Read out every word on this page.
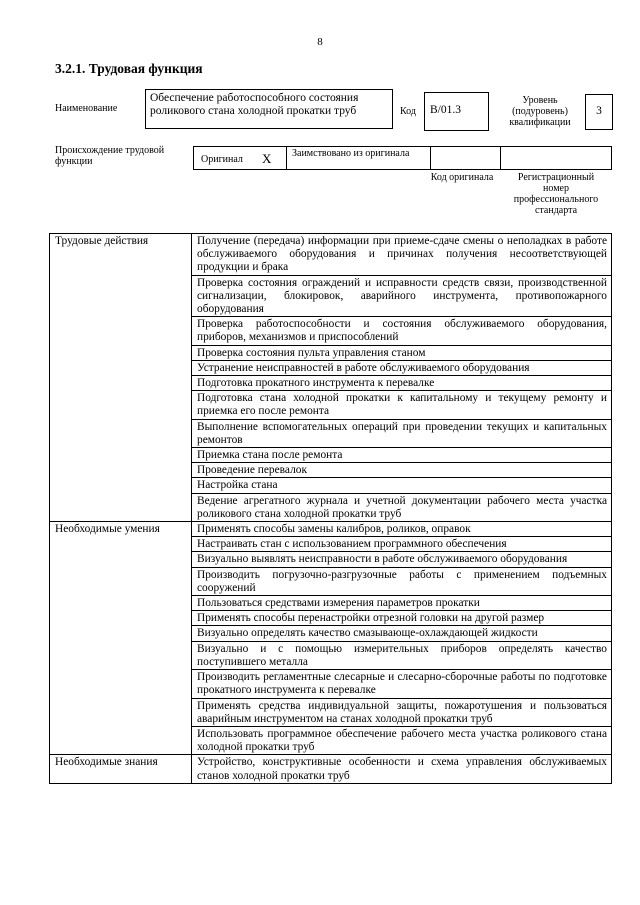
8
3.2.1. Трудовая функция
Наименование
Обеспечение работоспособного состояния роликового стана холодной прокатки труб	Код	В/01.3
Уровень (подуровень) квалификации
3
Происхождение трудовой функции	Оригинал X Заимствовано из оригинала
Код оригинала	Регистрационный номер профессионального стандарта
Трудовые действия	Получение (передача) информации при приеме-сдаче смены о неполадках в работе обслуживаемого оборудования и причинах получения несоответствующей продукции и брака
	Проверка состояния ограждений и исправности средств связи, производственной сигнализации, блокировок, аварийного инструмента, противопожарного оборудования
	Проверка работоспособности и состояния обслуживаемого оборудования, приборов, механизмов и приспособлений
	Проверка состояния пульта управления станом
	Устранение неисправностей в работе обслуживаемого оборудования
	Подготовка прокатного инструмента к перевалке
	Подготовка стана холодной прокатки к капитальному и текущему ремонту и приемка его после ремонта
	Выполнение вспомогательных операций при проведении текущих и капитальных ремонтов
	Приемка стана после ремонта
	Проведение перевалок
	Настройка стана
	Ведение агрегатного журнала и учетной документации рабочего места участка роликового стана холодной прокатки труб
Необходимые умения	Применять способы замены калибров, роликов, оправок
	Настраивать стан с использованием программного обеспечения
	Визуально выявлять неисправности в работе обслуживаемого оборудования
	Производить погрузочно-разгрузочные работы с применением подъемных сооружений
	Пользоваться средствами измерения параметров прокатки
	Применять способы перенастройки отрезной головки на другой размер
	Визуально определять качество смазывающе-охлаждающей жидкости
	Визуально и с помощью измерительных приборов определять качество поступившего металла
	Производить регламентные слесарные и слесарно-сборочные работы по подготовке прокатного инструмента к перевалке
	Применять средства индивидуальной защиты, пожаротушения и пользоваться аварийным инструментом на станах холодной прокатки труб
	Использовать программное обеспечение рабочего места участка роликового стана холодной прокатки труб
Необходимые знания	Устройство, конструктивные особенности и схема управления обслуживаемых станов холодной прокатки труб
